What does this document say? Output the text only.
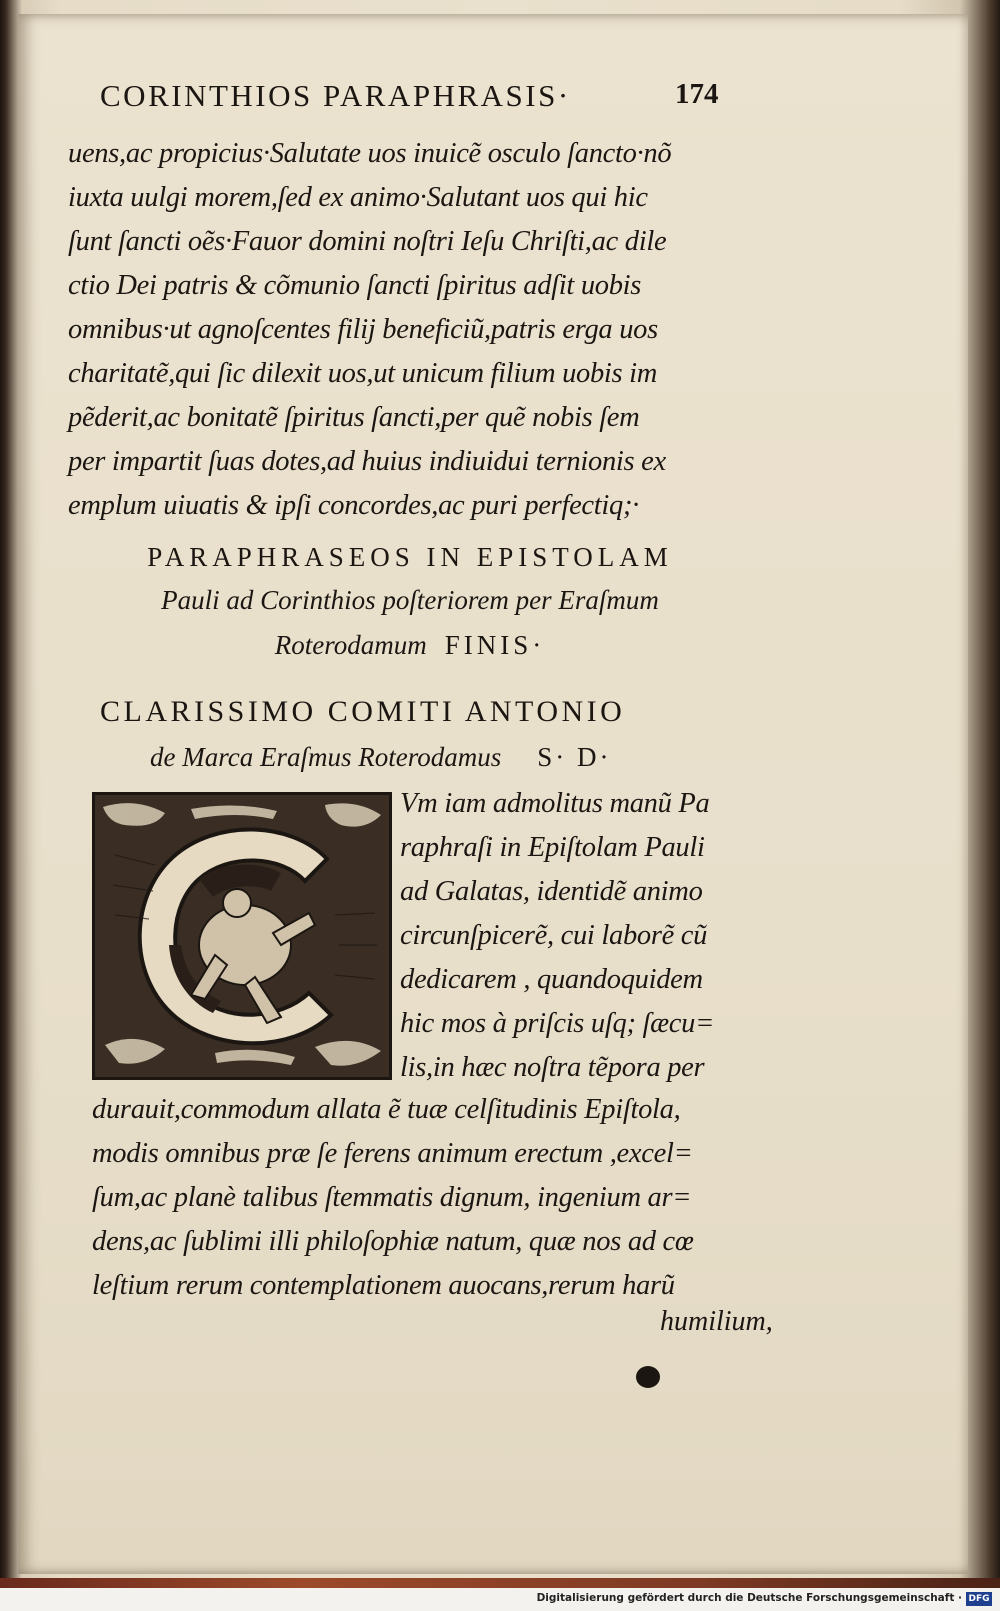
CORINTHIOS PARAPHRASIS·	174
uens,ac propicius·Salutate uos inuicẽ osculo ſancto·nõ
iuxta uulgi morem,ſed ex animo·Salutant uos qui hic
ſunt ſancti oẽs·Fauor domini noſtri Ieſu Chriſti,ac dile
ctio Dei patris & cõmunio ſancti ſpiritus adſit uobis
omnibus·ut agnoſcentes filij beneficiũ,patris erga uos
charitatẽ,qui ſic dilexit uos,ut unicum filium uobis im
pẽderit,ac bonitatẽ ſpiritus ſancti,per quẽ nobis ſem
per impartit ſuas dotes,ad huius indiuidui ternionis ex
emplum uiuatis & ipſi concordes,ac puri perfectiq;·
PARAPHRASEOS IN EPISTOLAM
Pauli ad Corinthios poſteriorem per Eraſmum
Roterodamum FINIS·
CLARISSIMO COMITI ANTONIO
de Marca Eraſmus Roterodamus S· D·
Vm iam admolitus manũ Pa
raphraſi in Epiſtolam Pauli
ad Galatas, identidẽ animo
circunſpicerẽ, cui laborẽ cũ
dedicarem , quandoquidem
hic mos à priſcis uſq; ſæcu=
lis,in hæc noſtra tẽpora per
durauit,commodum allata ẽ tuæ celſitudinis Epiſtola,
modis omnibus præ ſe ferens animum erectum ,excel=
ſum,ac planè talibus ſtemmatis dignum, ingenium ar=
dens,ac ſublimi illi philoſophiæ natum, quæ nos ad cœ
leſtium rerum contemplationem auocans,rerum harũ
humilium,
Digitalisierung gefördert durch die Deutsche Forschungsgemeinschaft · DFG
